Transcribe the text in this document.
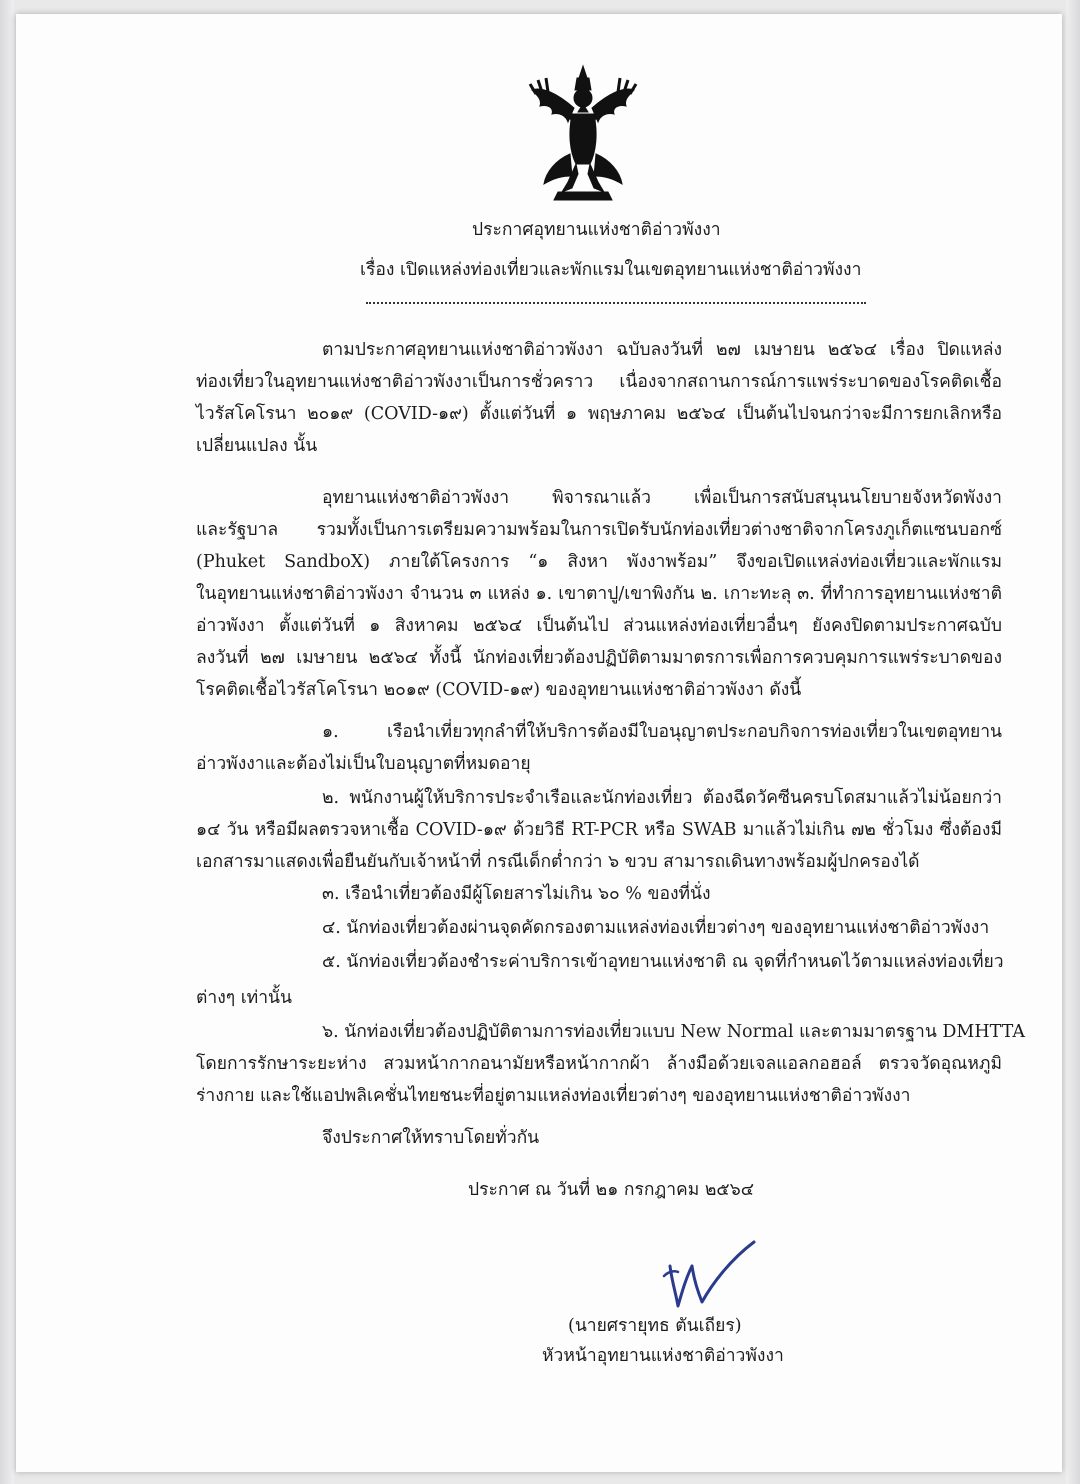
ประกาศอุทยานแห่งชาติอ่าวพังงา
เรื่อง เปิดแหล่งท่องเที่ยวและพักแรมในเขตอุทยานแห่งชาติอ่าวพังงา
ตามประกาศอุทยานแห่งชาติอ่าวพังงา ฉบับลงวันที่ ๒๗ เมษายน ๒๕๖๔ เรื่อง ปิดแหล่ง
ท่องเที่ยวในอุทยานแห่งชาติอ่าวพังงาเป็นการชั่วคราว เนื่องจากสถานการณ์การแพร่ระบาดของโรคติดเชื้อ
ไวรัสโคโรนา ๒๐๑๙ (COVID-๑๙) ตั้งแต่วันที่ ๑ พฤษภาคม ๒๕๖๔ เป็นต้นไปจนกว่าจะมีการยกเลิกหรือ
เปลี่ยนแปลง นั้น
อุทยานแห่งชาติอ่าวพังงา พิจารณาแล้ว เพื่อเป็นการสนับสนุนนโยบายจังหวัดพังงา
และรัฐบาล รวมทั้งเป็นการเตรียมความพร้อมในการเปิดรับนักท่องเที่ยวต่างชาติจากโครงภูเก็ตแซนบอกซ์
(Phuket SandboX) ภายใต้โครงการ “๑ สิงหา พังงาพร้อม” จึงขอเปิดแหล่งท่องเที่ยวและพักแรม
ในอุทยานแห่งชาติอ่าวพังงา จำนวน ๓ แหล่ง ๑. เขาตาปู/เขาพิงกัน ๒. เกาะทะลุ ๓. ที่ทำการอุทยานแห่งชาติ
อ่าวพังงา ตั้งแต่วันที่ ๑ สิงหาคม ๒๕๖๔ เป็นต้นไป ส่วนแหล่งท่องเที่ยวอื่นๆ ยังคงปิดตามประกาศฉบับ
ลงวันที่ ๒๗ เมษายน ๒๕๖๔ ทั้งนี้ นักท่องเที่ยวต้องปฏิบัติตามมาตรการเพื่อการควบคุมการแพร่ระบาดของ
โรคติดเชื้อไวรัสโคโรนา ๒๐๑๙ (COVID-๑๙) ของอุทยานแห่งชาติอ่าวพังงา ดังนี้
๑. เรือนำเที่ยวทุกลำที่ให้บริการต้องมีใบอนุญาตประกอบกิจการท่องเที่ยวในเขตอุทยาน
อ่าวพังงาและต้องไม่เป็นใบอนุญาตที่หมดอายุ
๒. พนักงานผู้ให้บริการประจำเรือและนักท่องเที่ยว ต้องฉีดวัคซีนครบโดสมาแล้วไม่น้อยกว่า
๑๔ วัน หรือมีผลตรวจหาเชื้อ COVID-๑๙ ด้วยวิธี RT-PCR หรือ SWAB มาแล้วไม่เกิน ๗๒ ชั่วโมง ซึ่งต้องมี
เอกสารมาแสดงเพื่อยืนยันกับเจ้าหน้าที่ กรณีเด็กต่ำกว่า ๖ ขวบ สามารถเดินทางพร้อมผู้ปกครองได้
๓. เรือนำเที่ยวต้องมีผู้โดยสารไม่เกิน ๖๐ % ของที่นั่ง
๔. นักท่องเที่ยวต้องผ่านจุดคัดกรองตามแหล่งท่องเที่ยวต่างๆ ของอุทยานแห่งชาติอ่าวพังงา
๕. นักท่องเที่ยวต้องชำระค่าบริการเข้าอุทยานแห่งชาติ ณ จุดที่กำหนดไว้ตามแหล่งท่องเที่ยว
ต่างๆ เท่านั้น
๖. นักท่องเที่ยวต้องปฏิบัติตามการท่องเที่ยวแบบ New Normal และตามมาตรฐาน DMHTTA
โดยการรักษาระยะห่าง สวมหน้ากากอนามัยหรือหน้ากากผ้า ล้างมือด้วยเจลแอลกอฮอล์ ตรวจวัดอุณหภูมิ
ร่างกาย และใช้แอปพลิเคชั่นไทยชนะที่อยู่ตามแหล่งท่องเที่ยวต่างๆ ของอุทยานแห่งชาติอ่าวพังงา
จึงประกาศให้ทราบโดยทั่วกัน
ประกาศ ณ วันที่ ๒๑ กรกฎาคม ๒๕๖๔
(นายศรายุทธ ตันเถียร)
หัวหน้าอุทยานแห่งชาติอ่าวพังงา
